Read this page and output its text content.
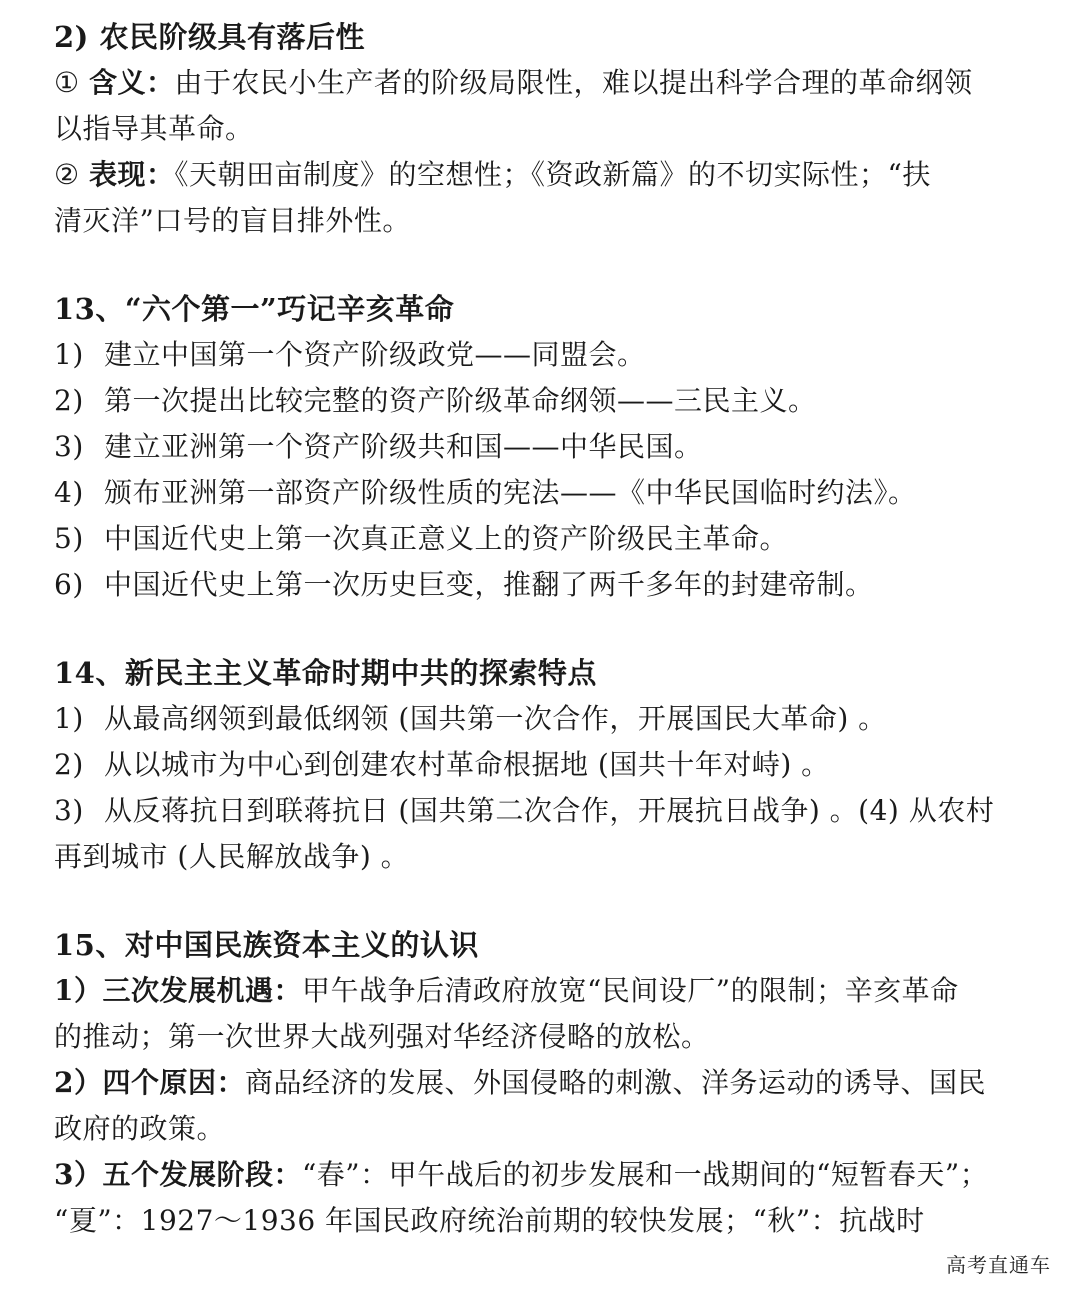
2) 农民阶级具有落后性
① 含义：由于农民小生产者的阶级局限性，难以提出科学合理的革命纲领
以指导其革命。
② 表现：《天朝田亩制度》的空想性；《资政新篇》的不切实际性；“扶
清灭洋”口号的盲目排外性。
13、“六个第一”巧记辛亥革命
1) 建立中国第一个资产阶级政党——同盟会。
2) 第一次提出比较完整的资产阶级革命纲领——三民主义。
3) 建立亚洲第一个资产阶级共和国——中华民国。
4) 颁布亚洲第一部资产阶级性质的宪法——《中华民国临时约法》。
5) 中国近代史上第一次真正意义上的资产阶级民主革命。
6) 中国近代史上第一次历史巨变，推翻了两千多年的封建帝制。
14、新民主主义革命时期中共的探索特点
1) 从最高纲领到最低纲领 (国共第一次合作，开展国民大革命) 。
2) 从以城市为中心到创建农村革命根据地 (国共十年对峙) 。
3) 从反蒋抗日到联蒋抗日 (国共第二次合作，开展抗日战争) 。(4) 从农村
再到城市 (人民解放战争) 。
15、对中国民族资本主义的认识
1）三次发展机遇：甲午战争后清政府放宽“民间设厂”的限制；辛亥革命
的推动；第一次世界大战列强对华经济侵略的放松。
2）四个原因：商品经济的发展、外国侵略的刺激、洋务运动的诱导、国民
政府的政策。
3）五个发展阶段：“春”：甲午战后的初步发展和一战期间的“短暂春天”；
“夏”：1927～1936 年国民政府统治前期的较快发展；“秋”：抗战时
高考直通车
